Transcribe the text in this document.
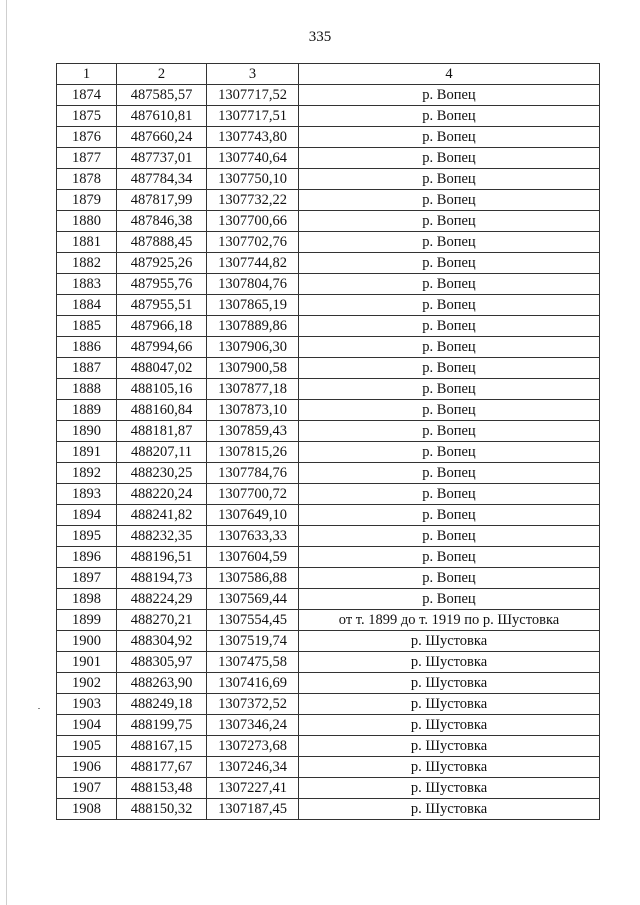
335
1	2	3	4
1874	487585,57	1307717,52	р. Вопец
1875	487610,81	1307717,51	р. Вопец
1876	487660,24	1307743,80	р. Вопец
1877	487737,01	1307740,64	р. Вопец
1878	487784,34	1307750,10	р. Вопец
1879	487817,99	1307732,22	р. Вопец
1880	487846,38	1307700,66	р. Вопец
1881	487888,45	1307702,76	р. Вопец
1882	487925,26	1307744,82	р. Вопец
1883	487955,76	1307804,76	р. Вопец
1884	487955,51	1307865,19	р. Вопец
1885	487966,18	1307889,86	р. Вопец
1886	487994,66	1307906,30	р. Вопец
1887	488047,02	1307900,58	р. Вопец
1888	488105,16	1307877,18	р. Вопец
1889	488160,84	1307873,10	р. Вопец
1890	488181,87	1307859,43	р. Вопец
1891	488207,11	1307815,26	р. Вопец
1892	488230,25	1307784,76	р. Вопец
1893	488220,24	1307700,72	р. Вопец
1894	488241,82	1307649,10	р. Вопец
1895	488232,35	1307633,33	р. Вопец
1896	488196,51	1307604,59	р. Вопец
1897	488194,73	1307586,88	р. Вопец
1898	488224,29	1307569,44	р. Вопец
1899	488270,21	1307554,45	от т. 1899 до т. 1919 по р. Шустовка
1900	488304,92	1307519,74	р. Шустовка
1901	488305,97	1307475,58	р. Шустовка
1902	488263,90	1307416,69	р. Шустовка
1903	488249,18	1307372,52	р. Шустовка
1904	488199,75	1307346,24	р. Шустовка
1905	488167,15	1307273,68	р. Шустовка
1906	488177,67	1307246,34	р. Шустовка
1907	488153,48	1307227,41	р. Шустовка
1908	488150,32	1307187,45	р. Шустовка
